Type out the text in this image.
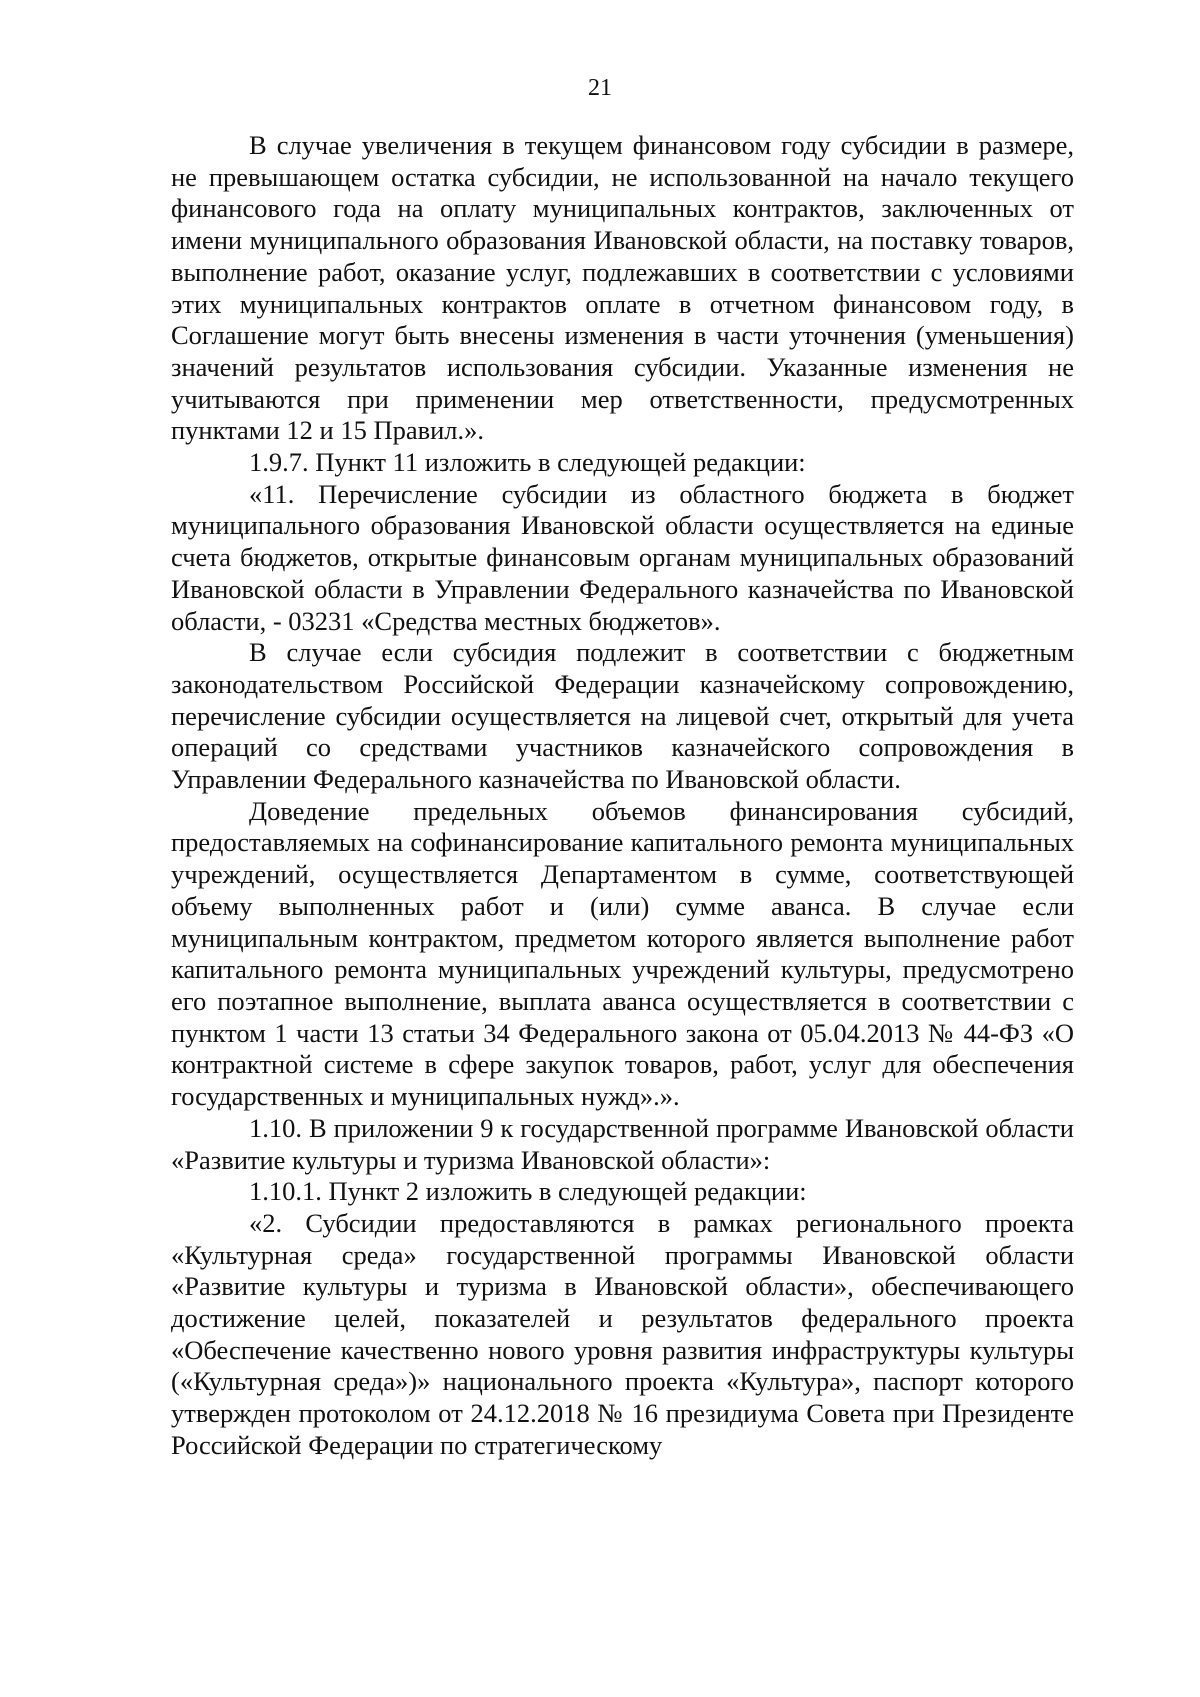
21

В случае увеличения в текущем финансовом году субсидии в размере, не превышающем остатка субсидии, не использованной на начало текущего финансового года на оплату муниципальных контрактов, заключенных от имени муниципального образования Ивановской области, на поставку товаров, выполнение работ, оказание услуг, подлежавших в соответствии с условиями этих муниципальных контрактов оплате в отчетном финансовом году, в Соглашение могут быть внесены изменения в части уточнения (уменьшения) значений результатов использования субсидии. Указанные изменения не учитываются при применении мер ответственности, предусмотренных пунктами 12 и 15 Правил.».

1.9.7. Пункт 11 изложить в следующей редакции:

«11. Перечисление субсидии из областного бюджета в бюджет муниципального образования Ивановской области осуществляется на единые счета бюджетов, открытые финансовым органам муниципальных образований Ивановской области в Управлении Федерального казначейства по Ивановской области, - 03231 «Средства местных бюджетов».

В случае если субсидия подлежит в соответствии с бюджетным законодательством Российской Федерации казначейскому сопровождению, перечисление субсидии осуществляется на лицевой счет, открытый для учета операций со средствами участников казначейского сопровождения в Управлении Федерального казначейства по Ивановской области.

Доведение предельных объемов финансирования субсидий, предоставляемых на софинансирование капитального ремонта муниципальных учреждений, осуществляется Департаментом в сумме, соответствующей объему выполненных работ и (или) сумме аванса. В случае если муниципальным контрактом, предметом которого является выполнение работ капитального ремонта муниципальных учреждений культуры, предусмотрено его поэтапное выполнение, выплата аванса осуществляется в соответствии с пунктом 1 части 13 статьи 34 Федерального закона от 05.04.2013 № 44-ФЗ «О контрактной системе в сфере закупок товаров, работ, услуг для обеспечения государственных и муниципальных нужд».».

1.10. В приложении 9 к государственной программе Ивановской области «Развитие культуры и туризма Ивановской области»:

1.10.1. Пункт 2 изложить в следующей редакции:

«2. Субсидии предоставляются в рамках регионального проекта «Культурная среда» государственной программы Ивановской области «Развитие культуры и туризма в Ивановской области», обеспечивающего достижение целей, показателей и результатов федерального проекта «Обеспечение качественно нового уровня развития инфраструктуры культуры («Культурная среда»)» национального проекта «Культура», паспорт которого утвержден протоколом от 24.12.2018 № 16 президиума Совета при Президенте Российской Федерации по стратегическому
